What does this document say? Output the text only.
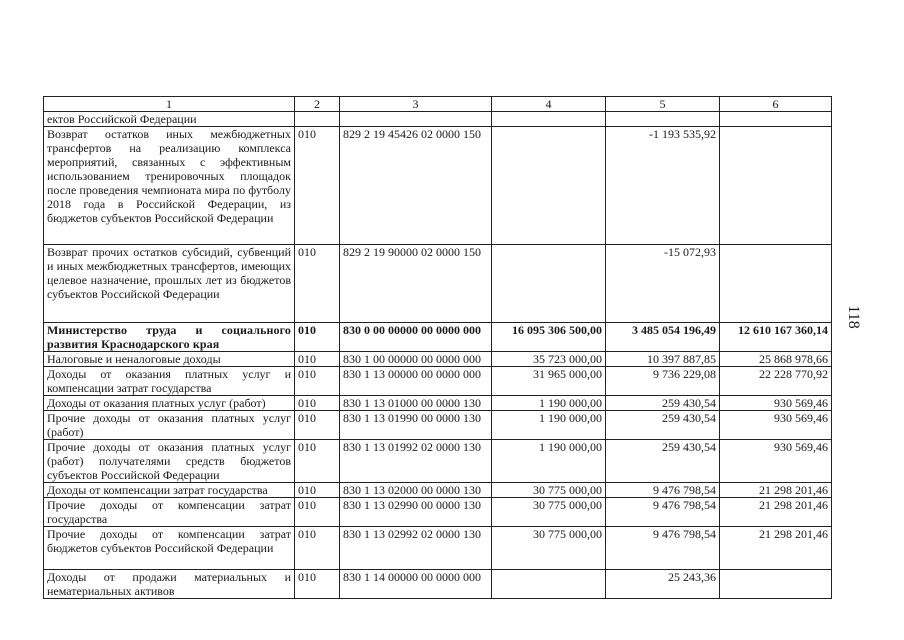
1	2	3	4	5	6
ектов Российской Федерации					
Возврат остатков иных межбюджетных трансфертов на реализацию комплекса мероприятий, связанных с эффективным использованием тренировочных площадок после проведения чемпионата мира по футболу 2018 года в Российской Федерации, из бюджетов субъектов Российской Федерации	010	829 2 19 45426 02 0000 150		-1 193 535,92	
Возврат прочих остатков субсидий, субвенций и иных межбюджетных трансфертов, имеющих целевое назначение, прошлых лет из бюджетов субъектов Российской Федерации	010	829 2 19 90000 02 0000 150		-15 072,93	
Министерство труда и социального развития Краснодарского края	010	830 0 00 00000 00 0000 000	16 095 306 500,00	3 485 054 196,49	12 610 167 360,14
Налоговые и неналоговые доходы	010	830 1 00 00000 00 0000 000	35 723 000,00	10 397 887,85	25 868 978,66
Доходы от оказания платных услуг и компенсации затрат государства	010	830 1 13 00000 00 0000 000	31 965 000,00	9 736 229,08	22 228 770,92
Доходы от оказания платных услуг (работ)	010	830 1 13 01000 00 0000 130	1 190 000,00	259 430,54	930 569,46
Прочие доходы от оказания платных услуг (работ)	010	830 1 13 01990 00 0000 130	1 190 000,00	259 430,54	930 569,46
Прочие доходы от оказания платных услуг (работ) получателями средств бюджетов субъектов Российской Федерации	010	830 1 13 01992 02 0000 130	1 190 000,00	259 430,54	930 569,46
Доходы от компенсации затрат государства	010	830 1 13 02000 00 0000 130	30 775 000,00	9 476 798,54	21 298 201,46
Прочие доходы от компенсации затрат государства	010	830 1 13 02990 00 0000 130	30 775 000,00	9 476 798,54	21 298 201,46
Прочие доходы от компенсации затрат бюджетов субъектов Российской Федерации	010	830 1 13 02992 02 0000 130	30 775 000,00	9 476 798,54	21 298 201,46
Доходы от продажи материальных и нематериальных активов	010	830 1 14 00000 00 0000 000		25 243,36	
118
